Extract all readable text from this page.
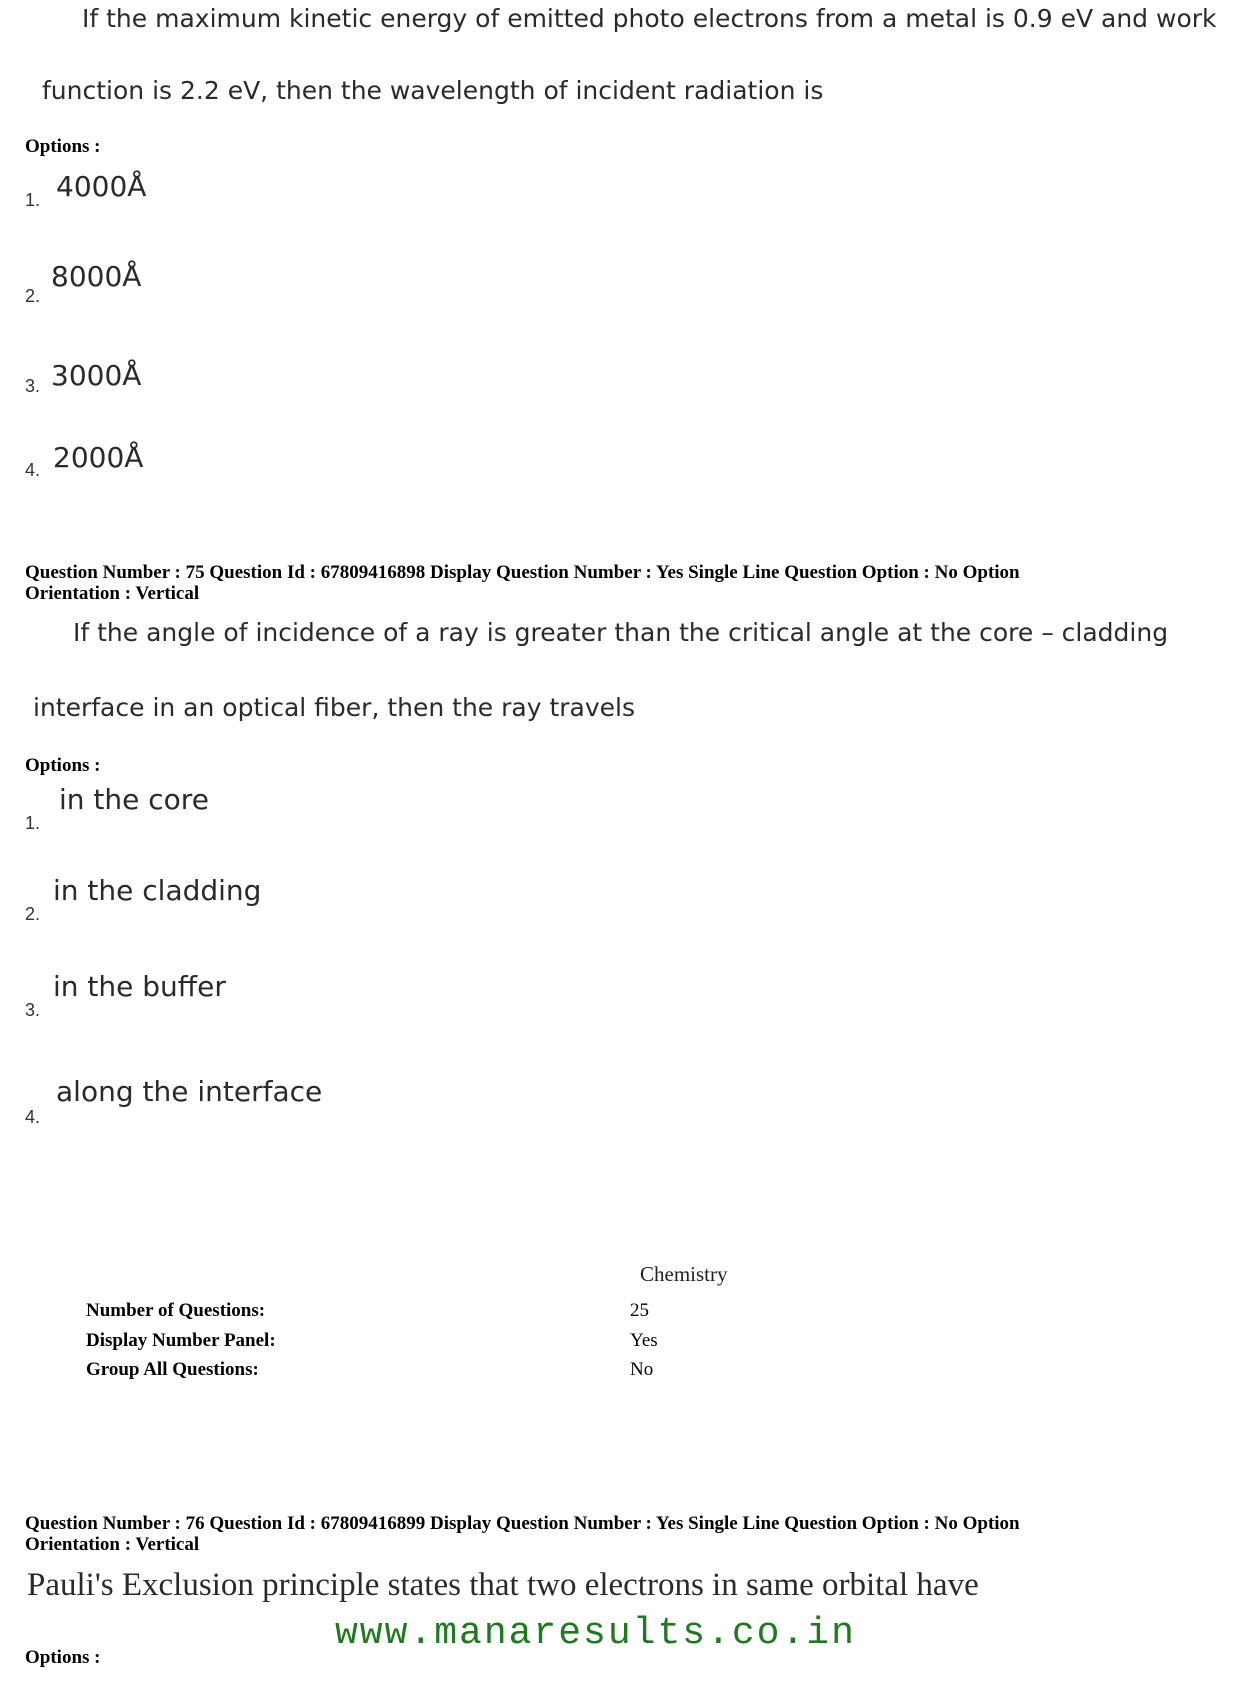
If the maximum kinetic energy of emitted photo electrons from a metal is 0.9 eV and work
function is 2.2 eV, then the wavelength of incident radiation is
Options :
1. 4000Å
2.
8000Å
3. 3000Å
4. 2000Å
Question Number : 75 Question Id : 67809416898 Display Question Number : Yes Single Line Question Option : No Option
Orientation : Vertical
If the angle of incidence of a ray is greater than the critical angle at the core – cladding
interface in an optical fiber, then the ray travels
Options :
1.
in the core
2.
in the cladding
3.
in the buffer
4.
along the interface
Chemistry
Number of Questions:	25
Display Number Panel:	Yes
Group All Questions:	No
Question Number : 76 Question Id : 67809416899 Display Question Number : Yes Single Line Question Option : No Option
Orientation : Vertical
Pauli's Exclusion principle states that two electrons in same orbital have
www.manaresults.co.in
Options :
